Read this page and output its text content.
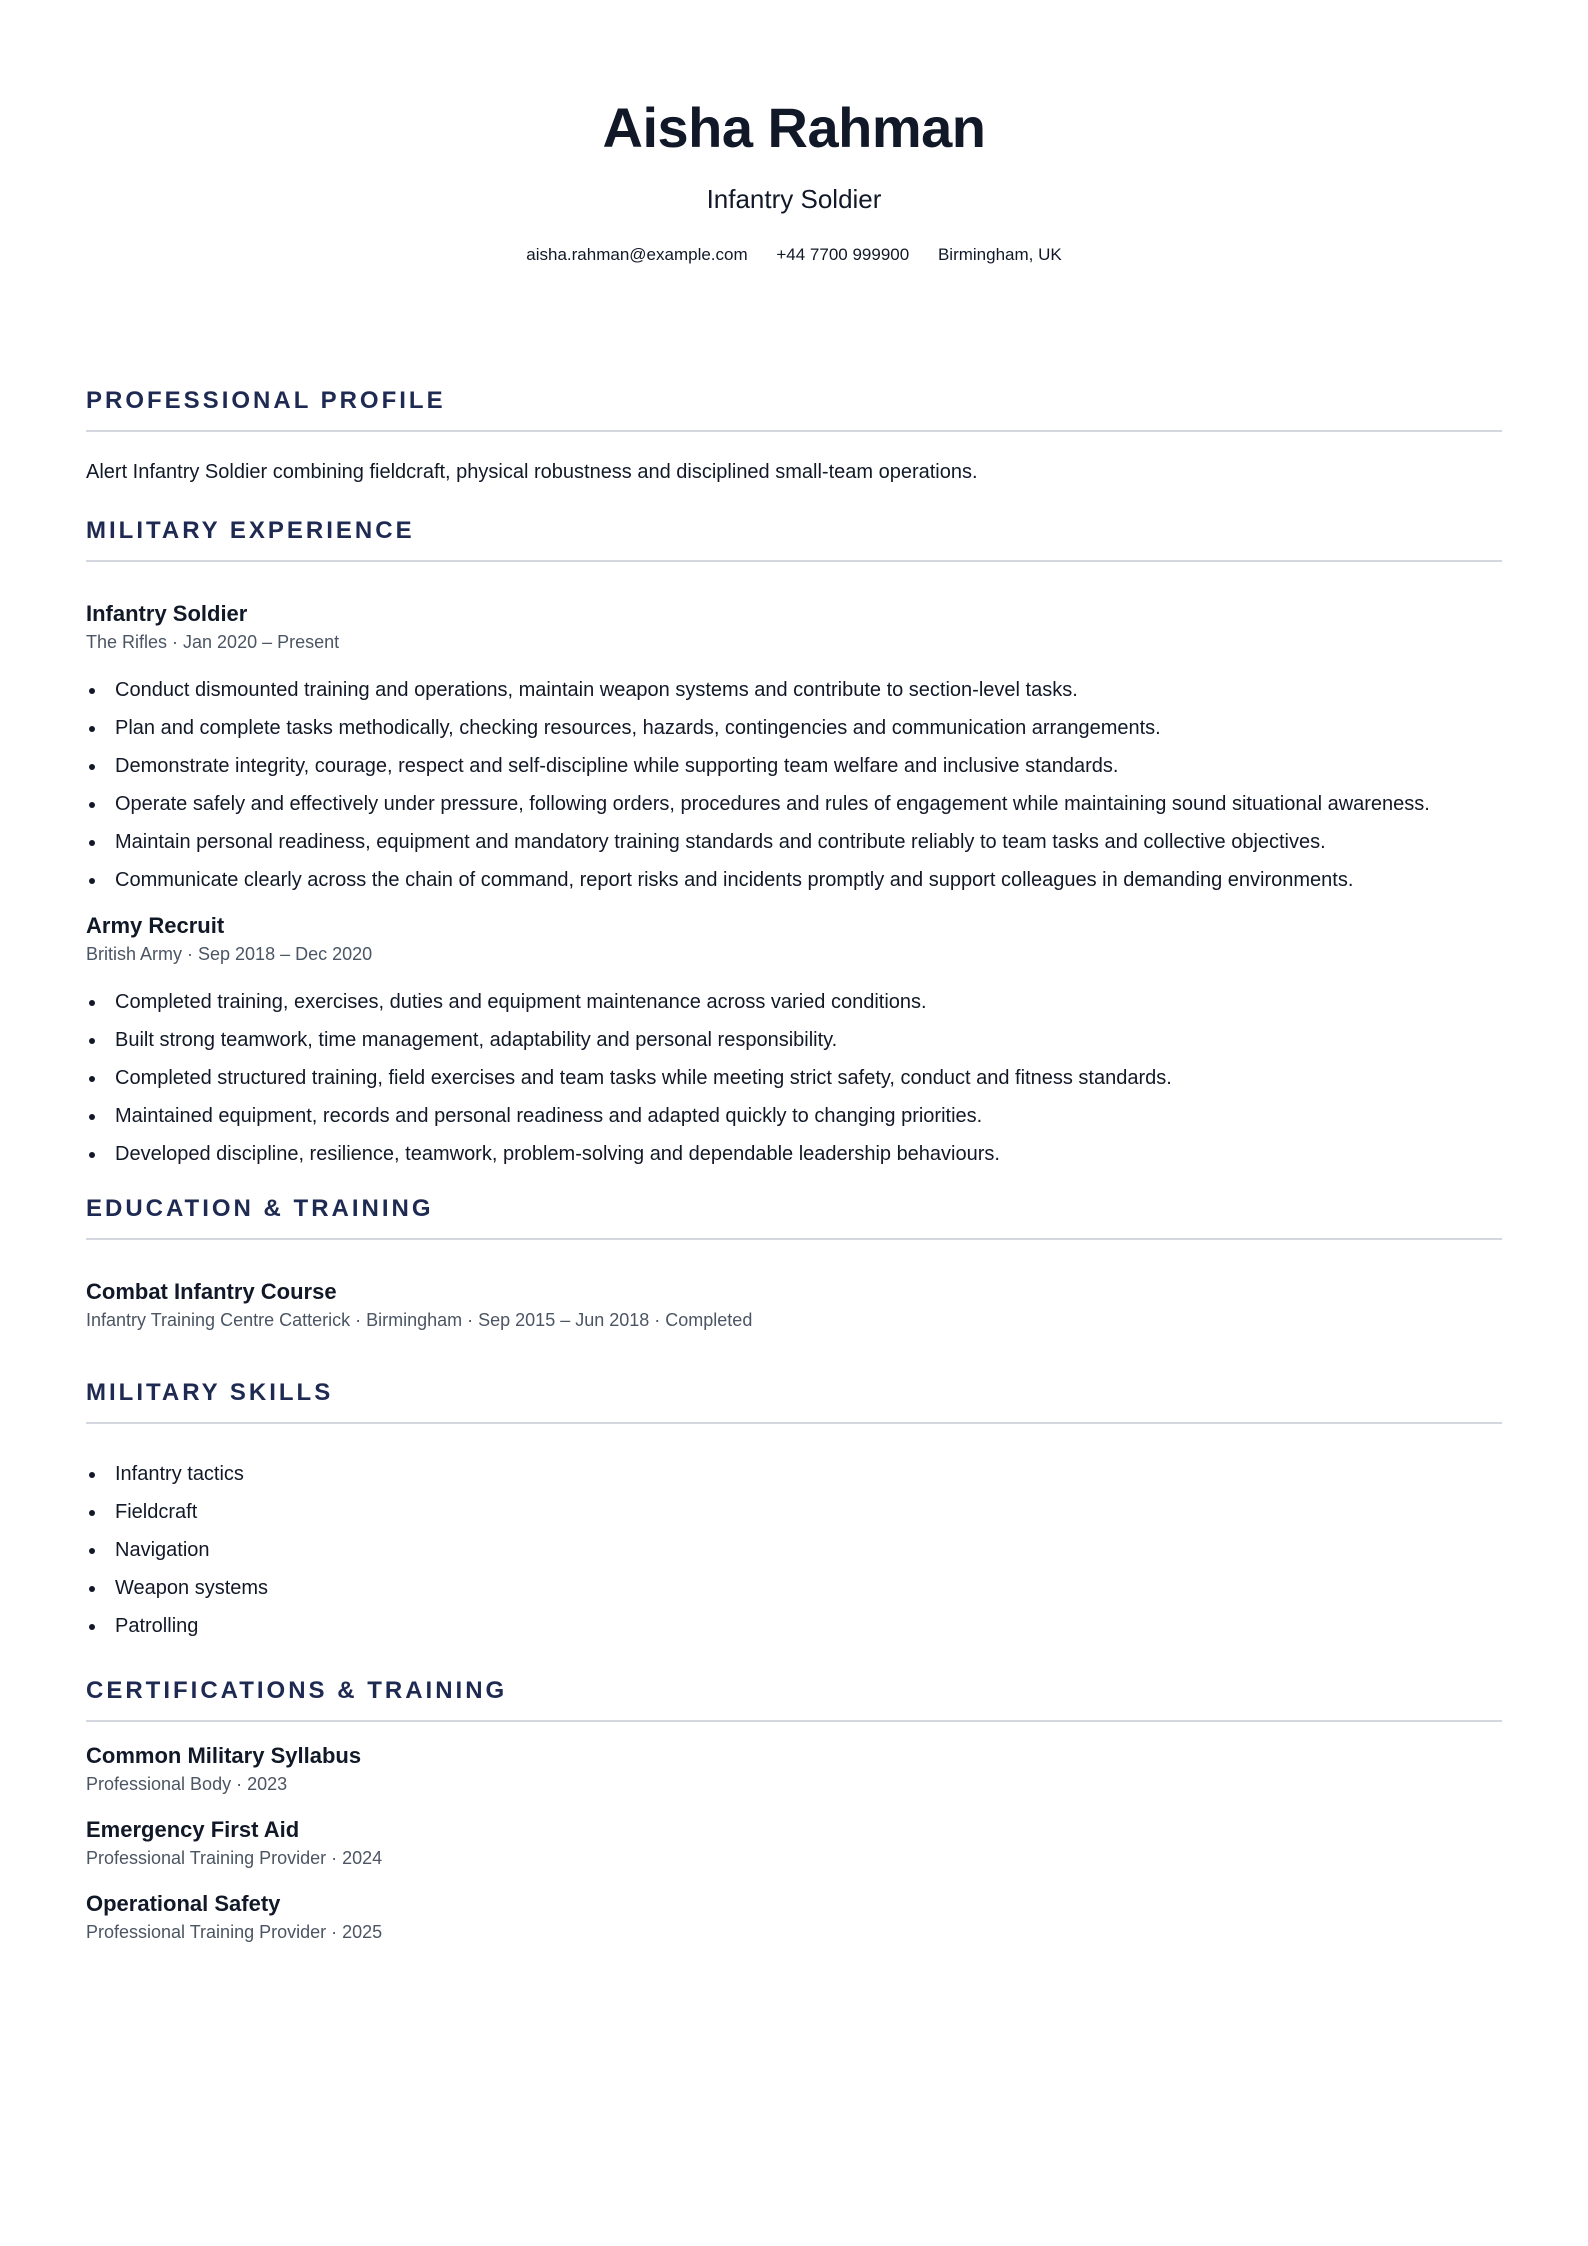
Aisha Rahman
Infantry Soldier
aisha.rahman@example.com +44 7700 999900 Birmingham, UK
PROFESSIONAL PROFILE
Alert Infantry Soldier combining fieldcraft, physical robustness and disciplined small-team operations.
MILITARY EXPERIENCE
Infantry Soldier
The Rifles · Jan 2020 – Present
Conduct dismounted training and operations, maintain weapon systems and contribute to section-level tasks.
Plan and complete tasks methodically, checking resources, hazards, contingencies and communication arrangements.
Demonstrate integrity, courage, respect and self-discipline while supporting team welfare and inclusive standards.
Operate safely and effectively under pressure, following orders, procedures and rules of engagement while maintaining sound situational awareness.
Maintain personal readiness, equipment and mandatory training standards and contribute reliably to team tasks and collective objectives.
Communicate clearly across the chain of command, report risks and incidents promptly and support colleagues in demanding environments.
Army Recruit
British Army · Sep 2018 – Dec 2020
Completed training, exercises, duties and equipment maintenance across varied conditions.
Built strong teamwork, time management, adaptability and personal responsibility.
Completed structured training, field exercises and team tasks while meeting strict safety, conduct and fitness standards.
Maintained equipment, records and personal readiness and adapted quickly to changing priorities.
Developed discipline, resilience, teamwork, problem-solving and dependable leadership behaviours.
EDUCATION & TRAINING
Combat Infantry Course
Infantry Training Centre Catterick · Birmingham · Sep 2015 – Jun 2018 · Completed
MILITARY SKILLS
Infantry tactics
Fieldcraft
Navigation
Weapon systems
Patrolling
CERTIFICATIONS & TRAINING
Common Military Syllabus
Professional Body · 2023
Emergency First Aid
Professional Training Provider · 2024
Operational Safety
Professional Training Provider · 2025
